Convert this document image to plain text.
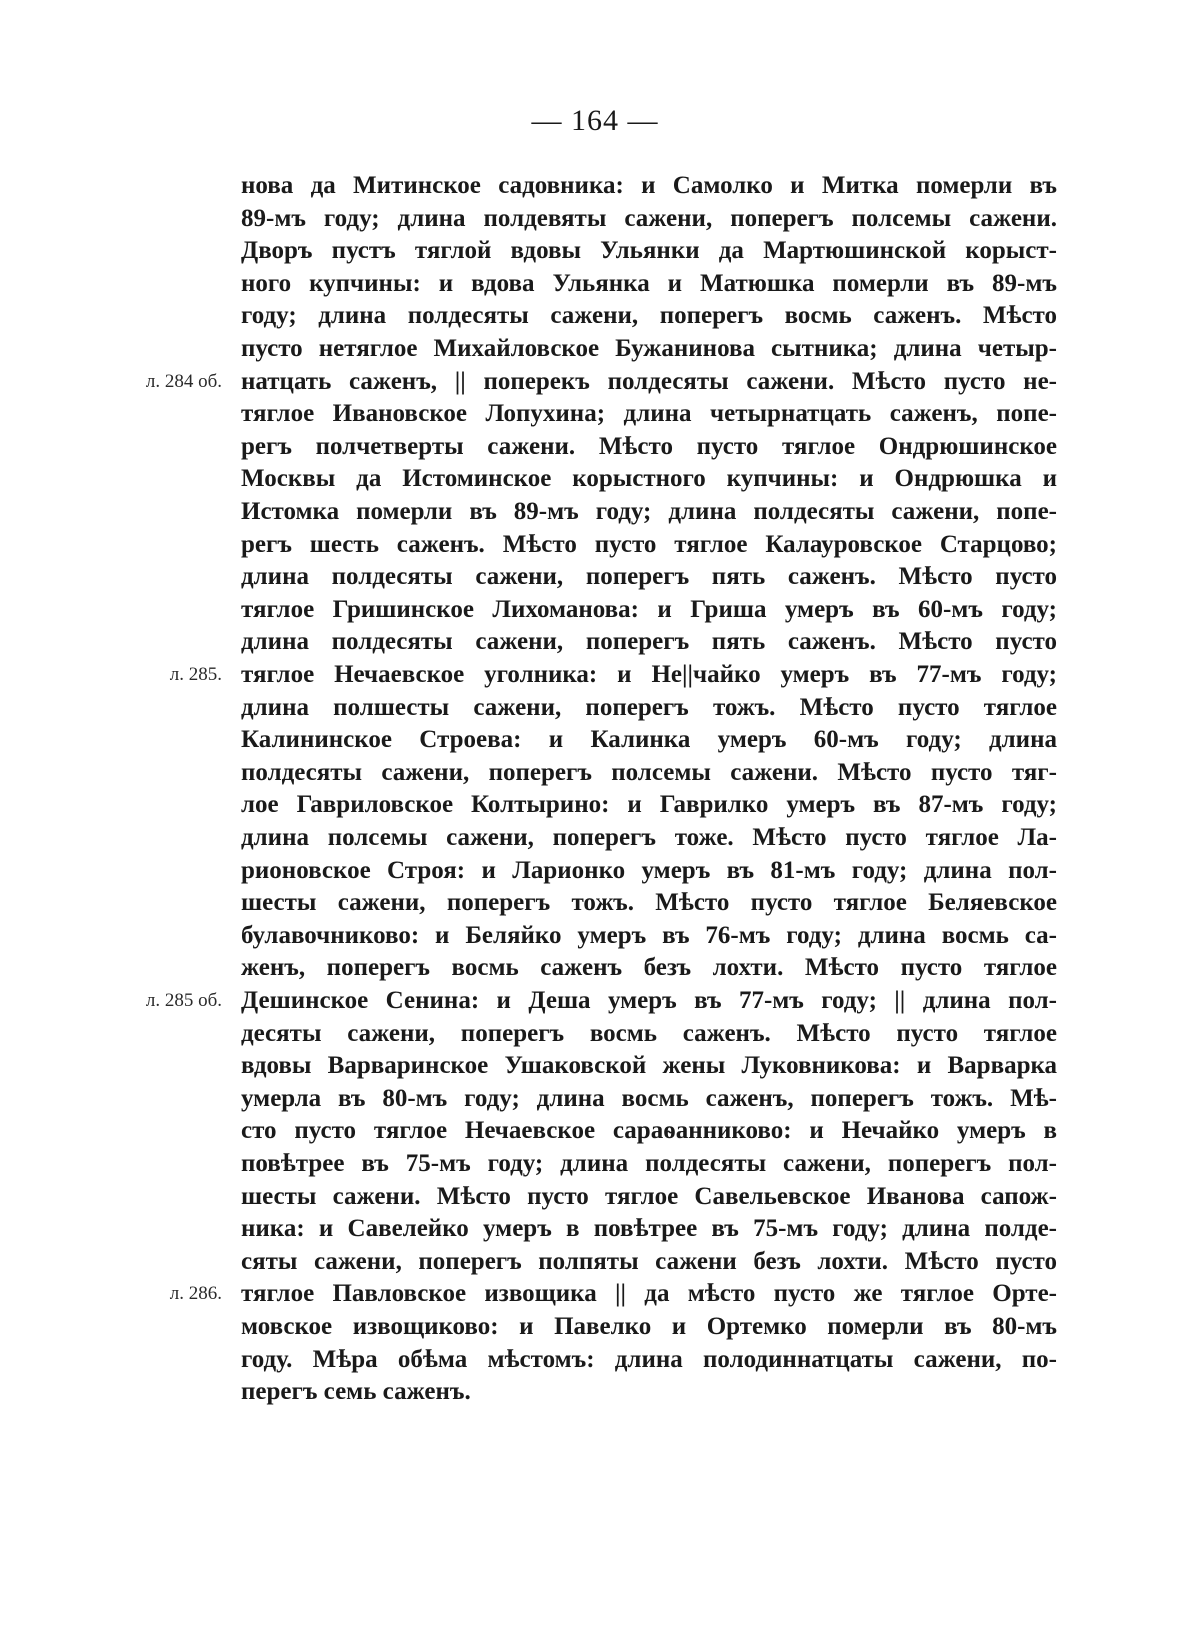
— 164 —
нова да Митинское садовника: и Самолко и Митка померли въ
89-мъ году; длина полдевяты сажени, поперегъ полсемы сажени.
Дворъ пустъ тяглой вдовы Ульянки да Мартюшинской корыст-
ного купчины: и вдова Ульянка и Матюшка померли въ 89-мъ
году; длина полдесяты сажени, поперегъ восмь саженъ. Мѣсто
пусто нетяглое Михайловское Бужанинова сытника; длина четыр-
натцать саженъ, || поперекъ полдесяты сажени. Мѣсто пусто не-
тяглое Ивановское Лопухина; длина четырнатцать саженъ, попе-
регъ полчетверты сажени. Мѣсто пусто тяглое Ондрюшинское
Москвы да Истоминское корыстного купчины: и Ондрюшка и
Истомка померли въ 89-мъ году; длина полдесяты сажени, попе-
регъ шесть саженъ. Мѣсто пусто тяглое Калауровское Старцово;
длина полдесяты сажени, поперегъ пять саженъ. Мѣсто пусто
тяглое Гришинское Лихоманова: и Гриша умеръ въ 60-мъ году;
длина полдесяты сажени, поперегъ пять саженъ. Мѣсто пусто
тяглое Нечаевское уголника: и Не||чайко умеръ въ 77-мъ году;
длина полшесты сажени, поперегъ тожъ. Мѣсто пусто тяглое
Калининское Строева: и Калинка умеръ 60-мъ году; длина
полдесяты сажени, поперегъ полсемы сажени. Мѣсто пусто тяг-
лое Гавриловское Колтырино: и Гаврилко умеръ въ 87-мъ году;
длина полсемы сажени, поперегъ тоже. Мѣсто пусто тяглое Ла-
рионовское Строя: и Ларионко умеръ въ 81-мъ году; длина пол-
шесты сажени, поперегъ тожъ. Мѣсто пусто тяглое Беляевское
булавочниково: и Беляйко умеръ въ 76-мъ году; длина восмь са-
женъ, поперегъ восмь саженъ безъ лохти. Мѣсто пусто тяглое
Дешинское Сенина: и Деша умеръ въ 77-мъ году; || длина пол-
десяты сажени, поперегъ восмь саженъ. Мѣсто пусто тяглое
вдовы Варваринское Ушаковской жены Луковникова: и Варварка
умерла въ 80-мъ году; длина восмь саженъ, поперегъ тожъ. Мѣ-
сто пусто тяглое Нечаевское сараѳанниково: и Нечайко умеръ в
повѣтрее въ 75-мъ году; длина полдесяты сажени, поперегъ пол-
шесты сажени. Мѣсто пусто тяглое Савельевское Иванова сапож-
ника: и Савелейко умеръ в повѣтрее въ 75-мъ году; длина полде-
сяты сажени, поперегъ полпяты сажени безъ лохти. Мѣсто пусто
тяглое Павловское извощика || да мѣсто пусто же тяглое Орте-
мовское извощиково: и Павелко и Ортемко померли въ 80-мъ
году. Мѣра обѣма мѣстомъ: длина полодиннатцаты сажени, по-
перегъ семь саженъ.
л. 284 об.
л. 285.
л. 285 об.
л. 286.
